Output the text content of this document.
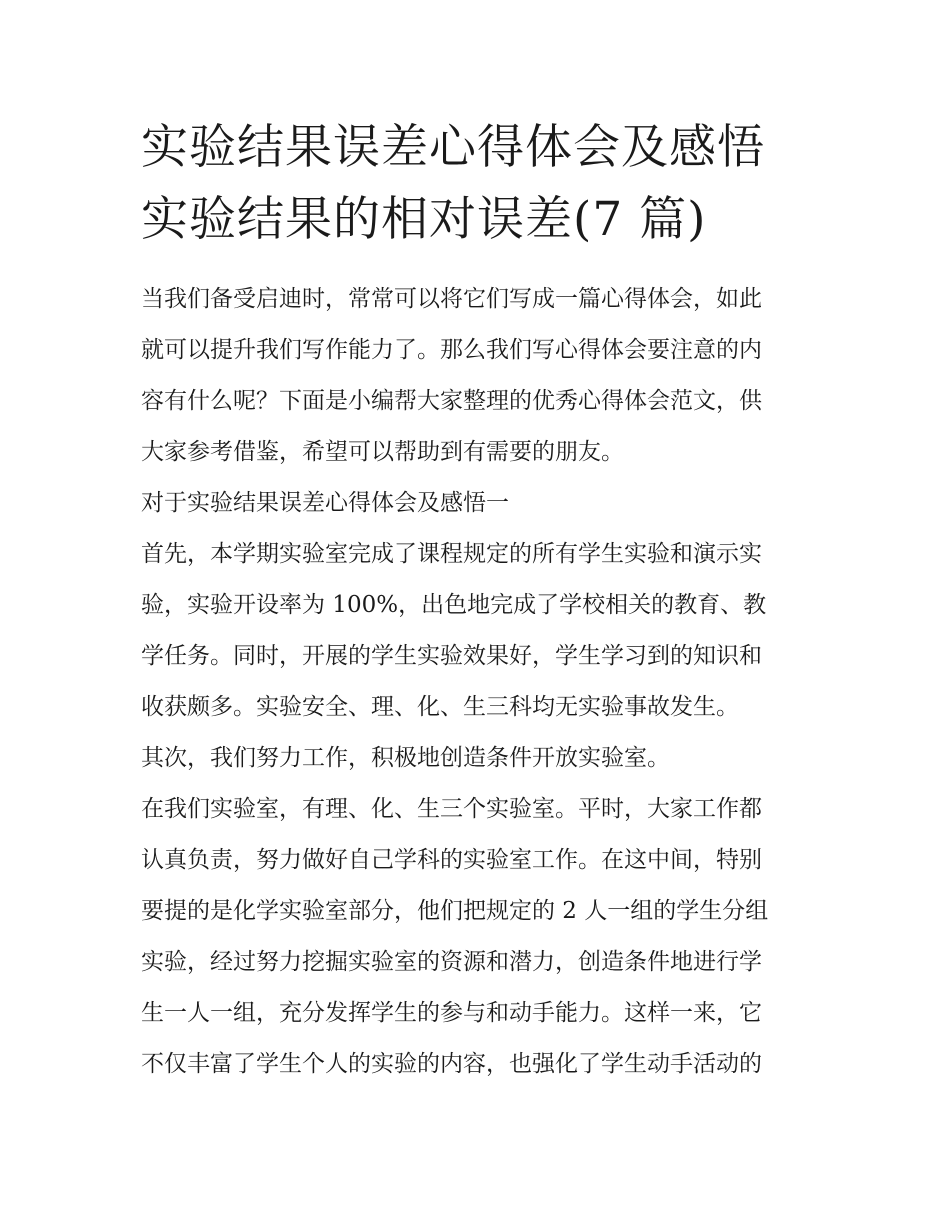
实验结果误差心得体会及感悟
实验结果的相对误差(7 篇)

当我们备受启迪时，常常可以将它们写成一篇心得体会，如此
就可以提升我们写作能力了。那么我们写心得体会要注意的内
容有什么呢？下面是小编帮大家整理的优秀心得体会范文，供
大家参考借鉴，希望可以帮助到有需要的朋友。

对于实验结果误差心得体会及感悟一

首先，本学期实验室完成了课程规定的所有学生实验和演示实
验，实验开设率为 100%，出色地完成了学校相关的教育、教
学任务。同时，开展的学生实验效果好，学生学习到的知识和
收获颇多。实验安全、理、化、生三科均无实验事故发生。

其次，我们努力工作，积极地创造条件开放实验室。

在我们实验室，有理、化、生三个实验室。平时，大家工作都
认真负责，努力做好自己学科的实验室工作。在这中间，特别
要提的是化学实验室部分，他们把规定的 2 人一组的学生分组
实验，经过努力挖掘实验室的资源和潜力，创造条件地进行学
生一人一组，充分发挥学生的参与和动手能力。这样一来，它
不仅丰富了学生个人的实验的内容，也强化了学生动手活动的
